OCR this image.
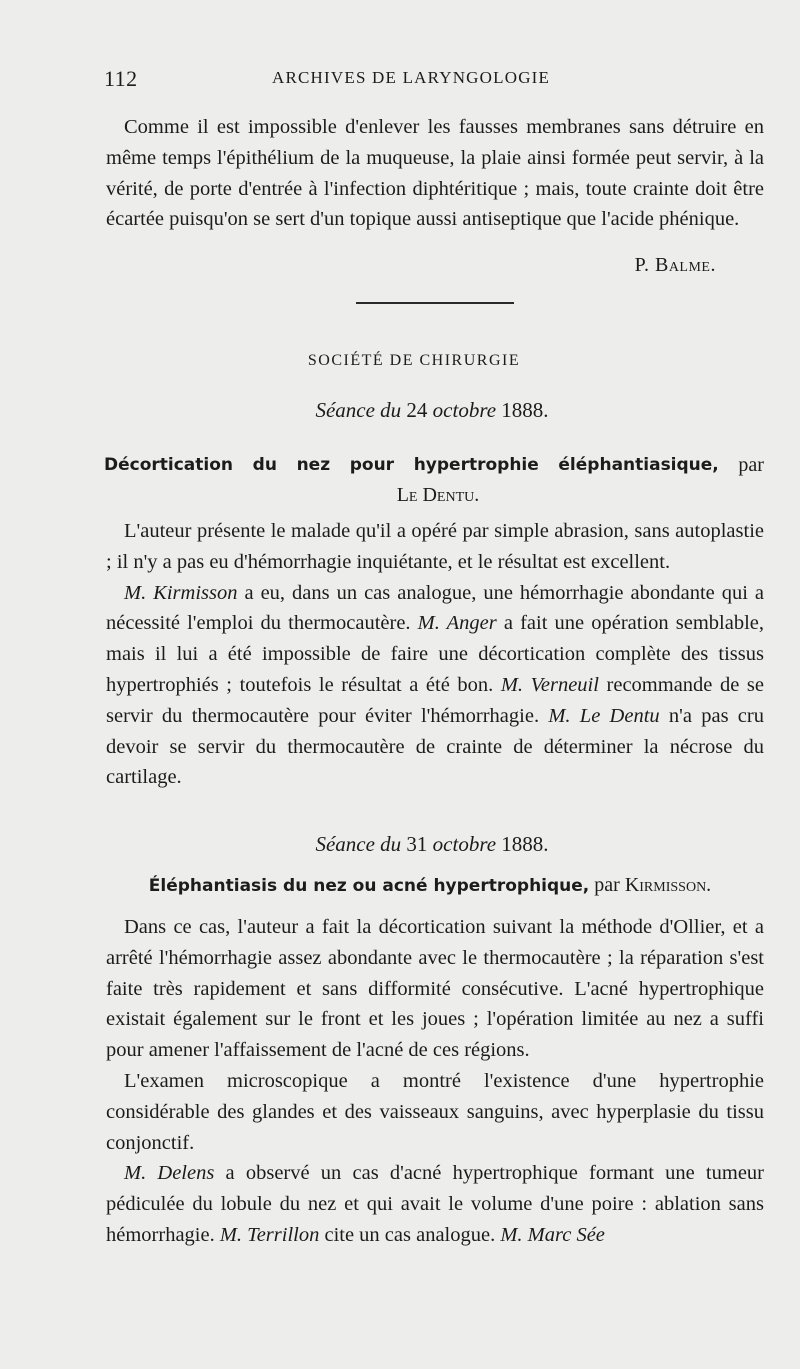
112	ARCHIVES DE LARYNGOLOGIE

Comme il est impossible d'enlever les fausses membranes sans détruire en même temps l'épithélium de la muqueuse, la plaie ainsi formée peut servir, à la vérité, de porte d'entrée à l'infection diphtéritique ; mais, toute crainte doit être écartée puisqu'on se sert d'un topique aussi antiseptique que l'acide phénique.

P. Balme.
SOCIÉTÉ DE CHIRURGIE
Séance du 24 octobre 1888.
Décortication du nez pour hypertrophie éléphantiasique, par
Le Dentu.

L'auteur présente le malade qu'il a opéré par simple abrasion, sans autoplastie ; il n'y a pas eu d'hémorrhagie inquiétante, et le résultat est excellent.

M. Kirmisson a eu, dans un cas analogue, une hémorrhagie abondante qui a nécessité l'emploi du thermocautère. M. Anger a fait une opération semblable, mais il lui a été impossible de faire une décortication complète des tissus hypertrophiés ; toutefois le résultat a été bon. M. Verneuil recommande de se servir du thermocautère pour éviter l'hémorrhagie. M. Le Dentu n'a pas cru devoir se servir du thermocautère de crainte de déterminer la nécrose du cartilage.

Séance du 31 octobre 1888.
Éléphantiasis du nez ou acné hypertrophique, par Kirmisson.

Dans ce cas, l'auteur a fait la décortication suivant la méthode d'Ollier, et a arrêté l'hémorrhagie assez abondante avec le thermocautère ; la réparation s'est faite très rapidement et sans difformité consécutive. L'acné hypertrophique existait également sur le front et les joues ; l'opération limitée au nez a suffi pour amener l'affaissement de l'acné de ces régions.

L'examen microscopique a montré l'existence d'une hypertrophie considérable des glandes et des vaisseaux sanguins, avec hyperplasie du tissu conjonctif.

M. Delens a observé un cas d'acné hypertrophique formant une tumeur pédiculée du lobule du nez et qui avait le volume d'une poire : ablation sans hémorrhagie. M. Terrillon cite un cas analogue. M. Marc Sée
